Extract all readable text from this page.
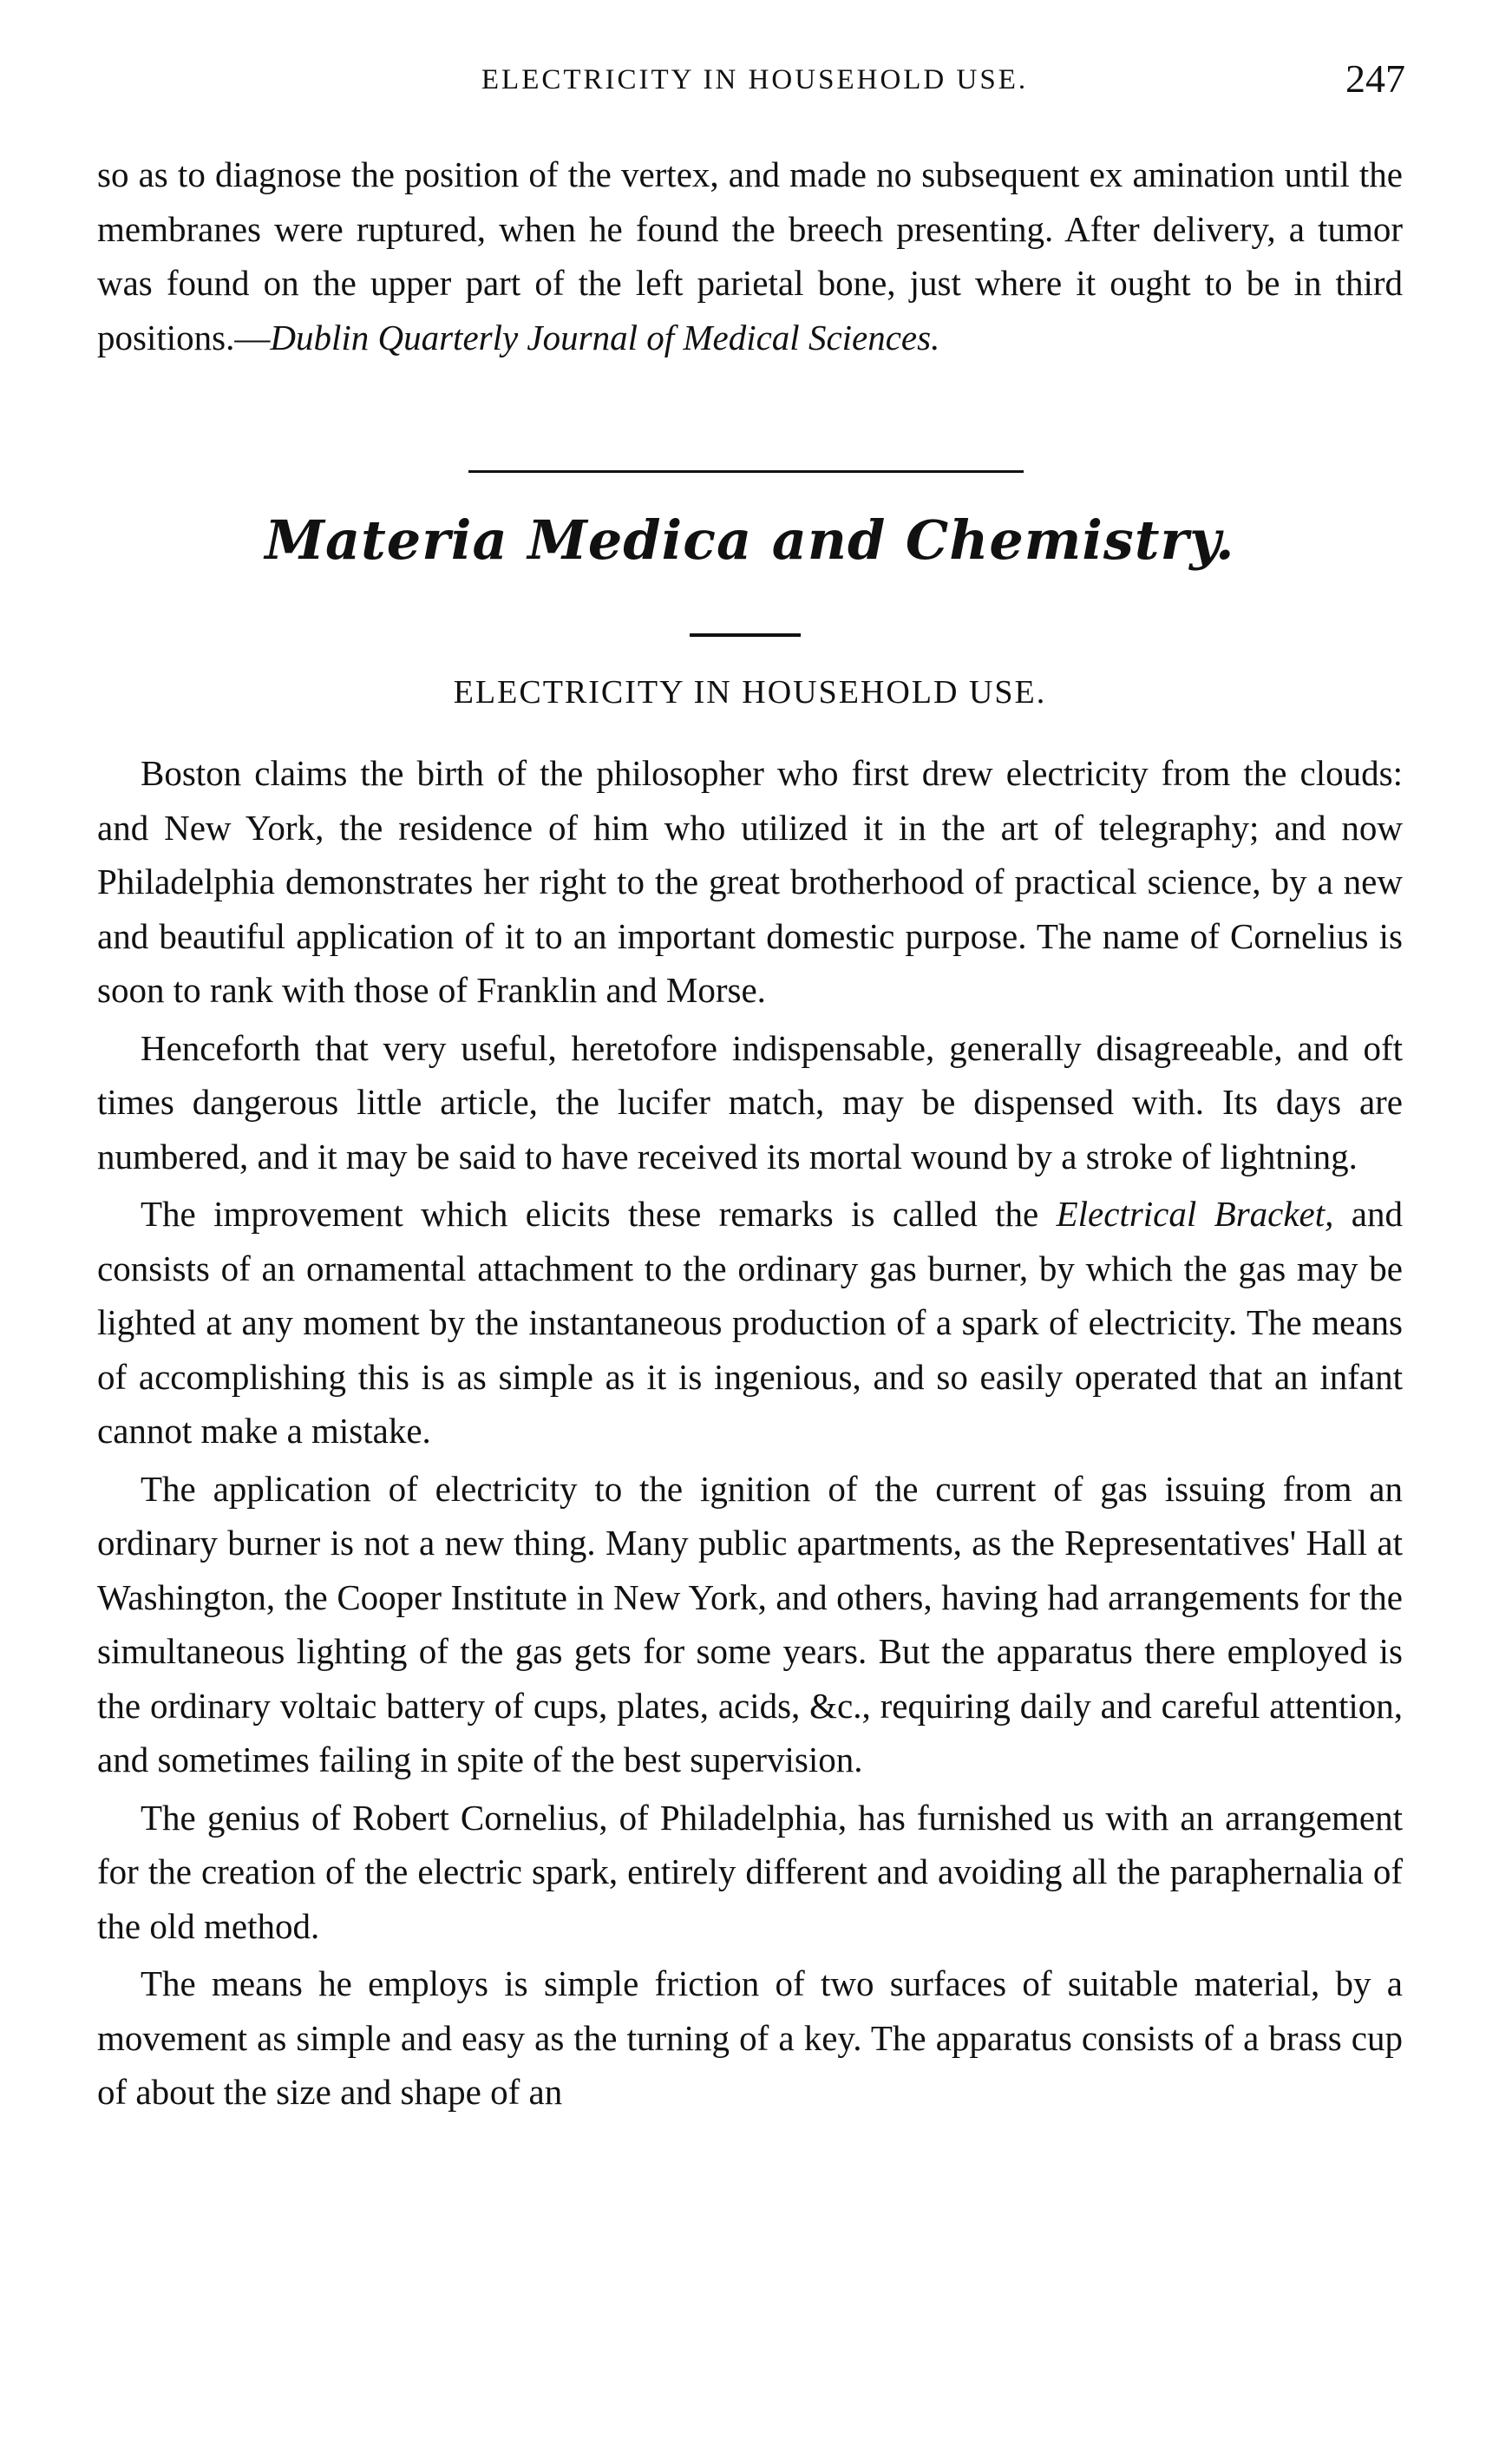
ELECTRICITY IN HOUSEHOLD USE.	247

so as to diagnose the position of the vertex, and made no subsequent ex amination until the membranes were ruptured, when he found the breech presenting. After delivery, a tumor was found on the upper part of the left parietal bone, just where it ought to be in third positions.—Dublin Quarterly Journal of Medical Sciences.

Materia Medica and Chemistry.
ELECTRICITY IN HOUSEHOLD USE.

Boston claims the birth of the philosopher who first drew electricity from the clouds: and New York, the residence of him who utilized it in the art of telegraphy; and now Philadelphia demonstrates her right to the great brotherhood of practical science, by a new and beautiful application of it to an important domestic purpose. The name of Cornelius is soon to rank with those of Franklin and Morse.

Henceforth that very useful, heretofore indispensable, generally disagreeable, and oft times dangerous little article, the lucifer match, may be dispensed with. Its days are numbered, and it may be said to have received its mortal wound by a stroke of lightning.

The improvement which elicits these remarks is called the Electrical Bracket, and consists of an ornamental attachment to the ordinary gas burner, by which the gas may be lighted at any moment by the instantaneous production of a spark of electricity. The means of accomplishing this is as simple as it is ingenious, and so easily operated that an infant cannot make a mistake.

The application of electricity to the ignition of the current of gas issuing from an ordinary burner is not a new thing. Many public apartments, as the Representatives' Hall at Washington, the Cooper Institute in New York, and others, having had arrangements for the simultaneous lighting of the gas gets for some years. But the apparatus there employed is the ordinary voltaic battery of cups, plates, acids, &c., requiring daily and careful attention, and sometimes failing in spite of the best supervision.

The genius of Robert Cornelius, of Philadelphia, has furnished us with an arrangement for the creation of the electric spark, entirely different and avoiding all the paraphernalia of the old method.

The means he employs is simple friction of two surfaces of suitable material, by a movement as simple and easy as the turning of a key. The apparatus consists of a brass cup of about the size and shape of an
